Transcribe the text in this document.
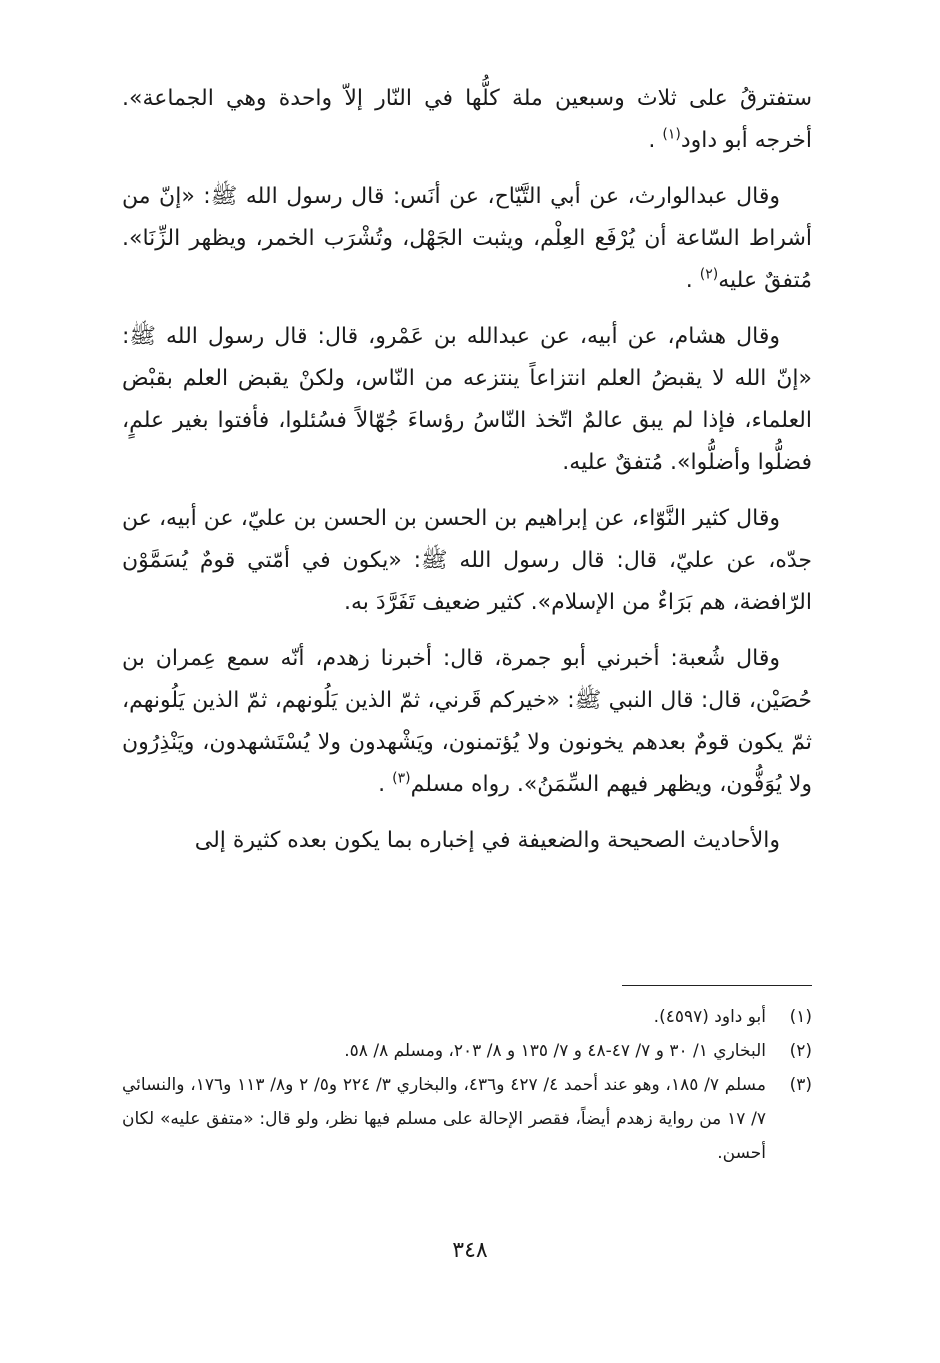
ستفترقُ على ثلاث وسبعين ملة كلُّها في النّار إلاّ واحدة وهي الجماعة». أخرجه أبو داود$^{(١)}$ .

وقال عبدالوارث، عن أبي التَّيّاح، عن أنَس: قال رسول الله ﷺ: «إنّ من أشراط السّاعة أن يُرْفَع العِلْم، ويثبت الجَهْل، وتُشْرَب الخمر، ويظهر الزِّنَا». مُتفقٌ عليه$^{(٢)}$ .

وقال هشام، عن أبيه، عن عبدالله بن عَمْرو، قال: قال رسول الله ﷺ: «إنّ الله لا يقبضُ العلم انتزاعاً ينتزعه من النّاس، ولكنْ يقبض العلم بقبْض العلماء، فإذا لم يبق عالمٌ اتّخذ النّاسُ رؤساءَ جُهّالاً فسُئلوا، فأفتوا بغير علمٍ، فضلُّوا وأضلُّوا». مُتفقٌ عليه.

وقال كثير النَّوّاء، عن إبراهيم بن الحسن بن الحسن بن عليّ، عن أبيه، عن جدّه، عن عليّ، قال: قال رسول الله ﷺ: «يكون في أمّتي قومٌ يُسَمَّوْن الرّافضة، هم بَرَاءٌ من الإسلام». كثير ضعيف تَفَرَّدَ به.

وقال شُعبة: أخبرني أبو جمرة، قال: أخبرنا زهدم، أنّه سمع عِمران بن حُصَيْن، قال: قال النبي ﷺ: «خيركم قَرني، ثمّ الذين يَلُونهم، ثمّ الذين يَلُونهم، ثمّ يكون قومٌ بعدهم يخونون ولا يُؤتمنون، ويَشْهدون ولا يُسْتَشهدون، ويَنْذِرُون ولا يُوَفُّون، ويظهر فيهم السِّمَنُ». رواه مسلم$^{(٣)}$ .

والأحاديث الصحيحة والضعيفة في إخباره بما يكون بعده كثيرة إلى

(١)
أبو داود (٤٥٩٧).
(٢)
البخاري ١/ ٣٠ و ٧/ ٤٧-٤٨ و ٧/ ١٣٥ و ٨/ ٢٠٣، ومسلم ٨/ ٥٨.
(٣)
مسلم ٧/ ١٨٥، وهو عند أحمد ٤/ ٤٢٧ و٤٣٦، والبخاري ٣/ ٢٢٤ و٥/ ٢ و٨/ ١١٣ و١٧٦، والنسائي ٧/ ١٧ من رواية زهدم أيضاً، فقصر الإحالة على مسلم فيها نظر، ولو قال: «متفق عليه» لكان أحسن.
٣٤٨
